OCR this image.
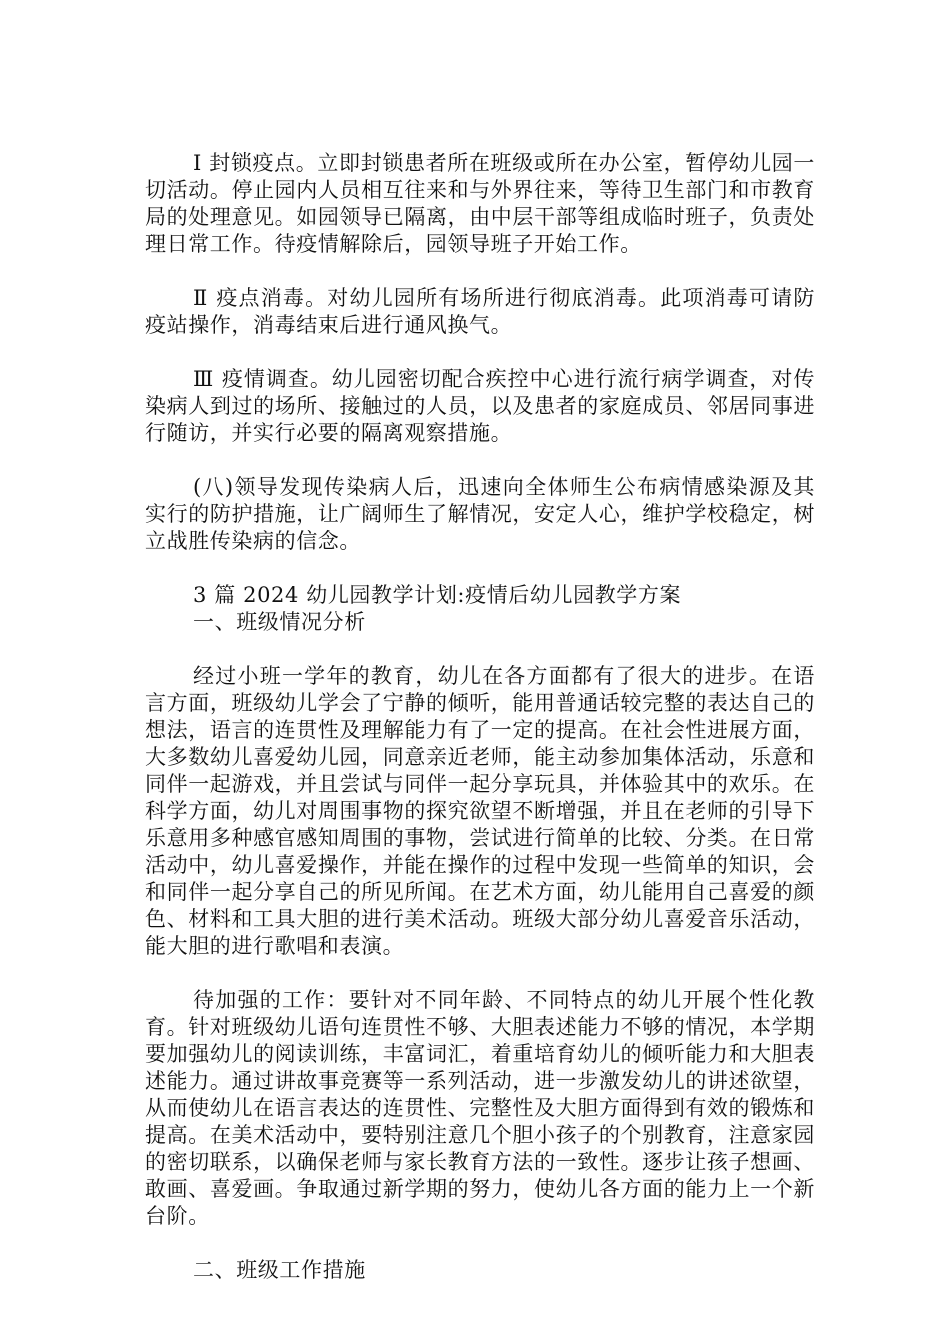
Ⅰ 封锁疫点。立即封锁患者所在班级或所在办公室，暂停幼儿园一切活动。停止园内人员相互往来和与外界往来，等待卫生部门和市教育局的处理意见。如园领导已隔离，由中层干部等组成临时班子，负责处理日常工作。待疫情解除后，园领导班子开始工作。

Ⅱ 疫点消毒。对幼儿园所有场所进行彻底消毒。此项消毒可请防疫站操作，消毒结束后进行通风换气。

Ⅲ 疫情调查。幼儿园密切配合疾控中心进行流行病学调查，对传染病人到过的场所、接触过的人员，以及患者的家庭成员、邻居同事进行随访，并实行必要的隔离观察措施。

(八)领导发现传染病人后，迅速向全体师生公布病情感染源及其实行的防护措施，让广阔师生了解情况，安定人心，维护学校稳定，树立战胜传染病的信念。

3 篇 2024 幼儿园教学计划:疫情后幼儿园教学方案

一、班级情况分析

经过小班一学年的教育，幼儿在各方面都有了很大的进步。在语言方面，班级幼儿学会了宁静的倾听，能用普通话较完整的表达自己的想法，语言的连贯性及理解能力有了一定的提高。在社会性进展方面，大多数幼儿喜爱幼儿园，同意亲近老师，能主动参加集体活动，乐意和同伴一起游戏，并且尝试与同伴一起分享玩具，并体验其中的欢乐。在科学方面，幼儿对周围事物的探究欲望不断增强，并且在老师的引导下乐意用多种感官感知周围的事物，尝试进行简单的比较、分类。在日常活动中，幼儿喜爱操作，并能在操作的过程中发现一些简单的知识，会和同伴一起分享自己的所见所闻。在艺术方面，幼儿能用自己喜爱的颜色、材料和工具大胆的进行美术活动。班级大部分幼儿喜爱音乐活动，能大胆的进行歌唱和表演。

待加强的工作：要针对不同年龄、不同特点的幼儿开展个性化教育。针对班级幼儿语句连贯性不够、大胆表述能力不够的情况，本学期要加强幼儿的阅读训练，丰富词汇，着重培育幼儿的倾听能力和大胆表述能力。通过讲故事竞赛等一系列活动，进一步激发幼儿的讲述欲望，从而使幼儿在语言表达的连贯性、完整性及大胆方面得到有效的锻炼和提高。在美术活动中，要特别注意几个胆小孩子的个别教育，注意家园的密切联系，以确保老师与家长教育方法的一致性。逐步让孩子想画、敢画、喜爱画。争取通过新学期的努力，使幼儿各方面的能力上一个新台阶。

二、班级工作措施
